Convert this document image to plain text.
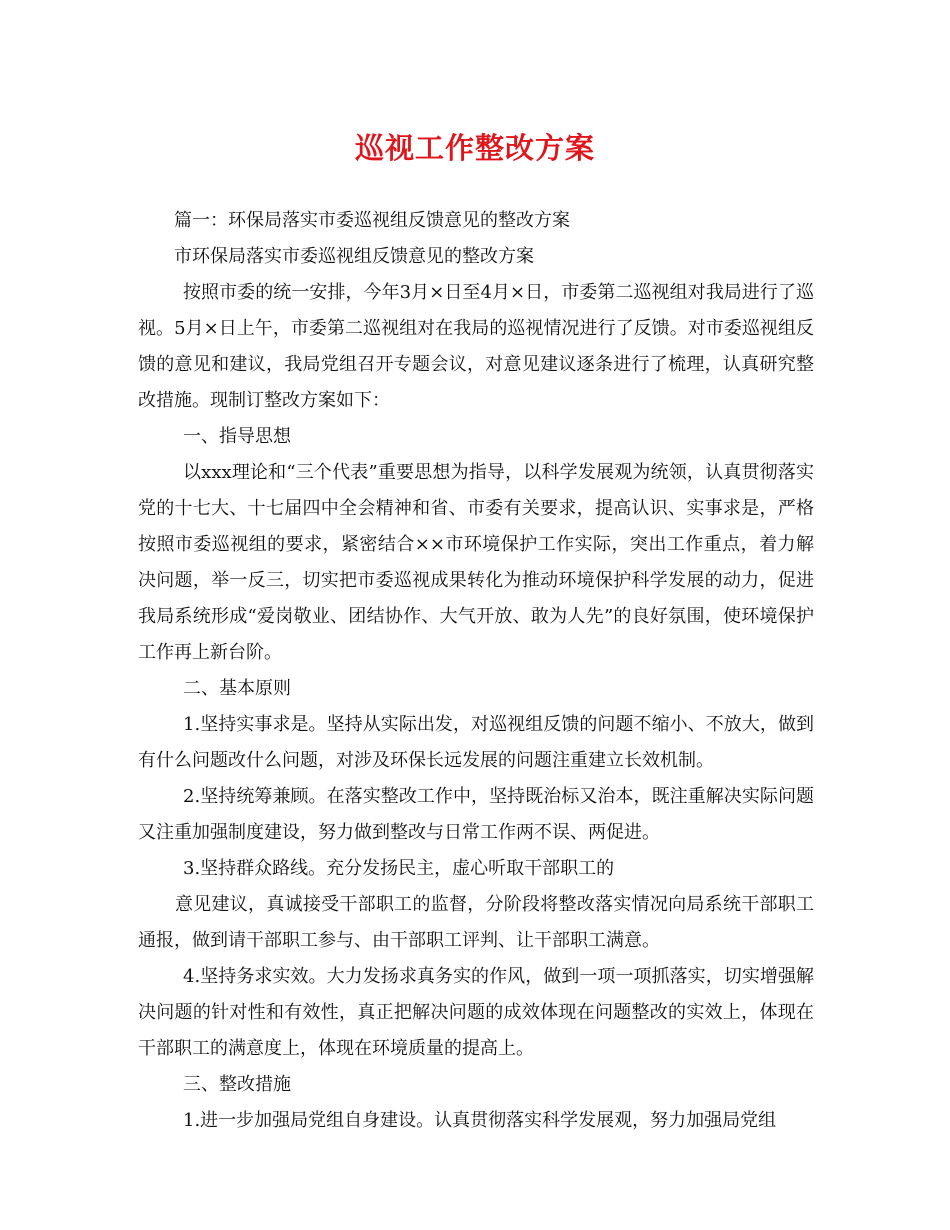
巡视工作整改方案

篇一：环保局落实市委巡视组反馈意见的整改方案

市环保局落实市委巡视组反馈意见的整改方案

按照市委的统一安排，今年3月×日至4月×日，市委第二巡视组对我局进行了巡视。5月×日上午，市委第二巡视组对在我局的巡视情况进行了反馈。对市委巡视组反馈的意见和建议，我局党组召开专题会议，对意见建议逐条进行了梳理，认真研究整改措施。现制订整改方案如下：

一、指导思想

以xxx理论和“三个代表”重要思想为指导，以科学发展观为统领，认真贯彻落实党的十七大、十七届四中全会精神和省、市委有关要求，提高认识、实事求是，严格按照市委巡视组的要求，紧密结合××市环境保护工作实际，突出工作重点，着力解决问题，举一反三，切实把市委巡视成果转化为推动环境保护科学发展的动力，促进我局系统形成“爱岗敬业、团结协作、大气开放、敢为人先”的良好氛围，使环境保护工作再上新台阶。

二、基本原则

1.坚持实事求是。坚持从实际出发，对巡视组反馈的问题不缩小、不放大，做到有什么问题改什么问题，对涉及环保长远发展的问题注重建立长效机制。

2.坚持统筹兼顾。在落实整改工作中，坚持既治标又治本，既注重解决实际问题又注重加强制度建设，努力做到整改与日常工作两不误、两促进。

3.坚持群众路线。充分发扬民主，虚心听取干部职工的

意见建议，真诚接受干部职工的监督，分阶段将整改落实情况向局系统干部职工通报，做到请干部职工参与、由干部职工评判、让干部职工满意。

4.坚持务求实效。大力发扬求真务实的作风，做到一项一项抓落实，切实增强解决问题的针对性和有效性，真正把解决问题的成效体现在问题整改的实效上，体现在干部职工的满意度上，体现在环境质量的提高上。

三、整改措施

1.进一步加强局党组自身建设。认真贯彻落实科学发展观，努力加强局党组
